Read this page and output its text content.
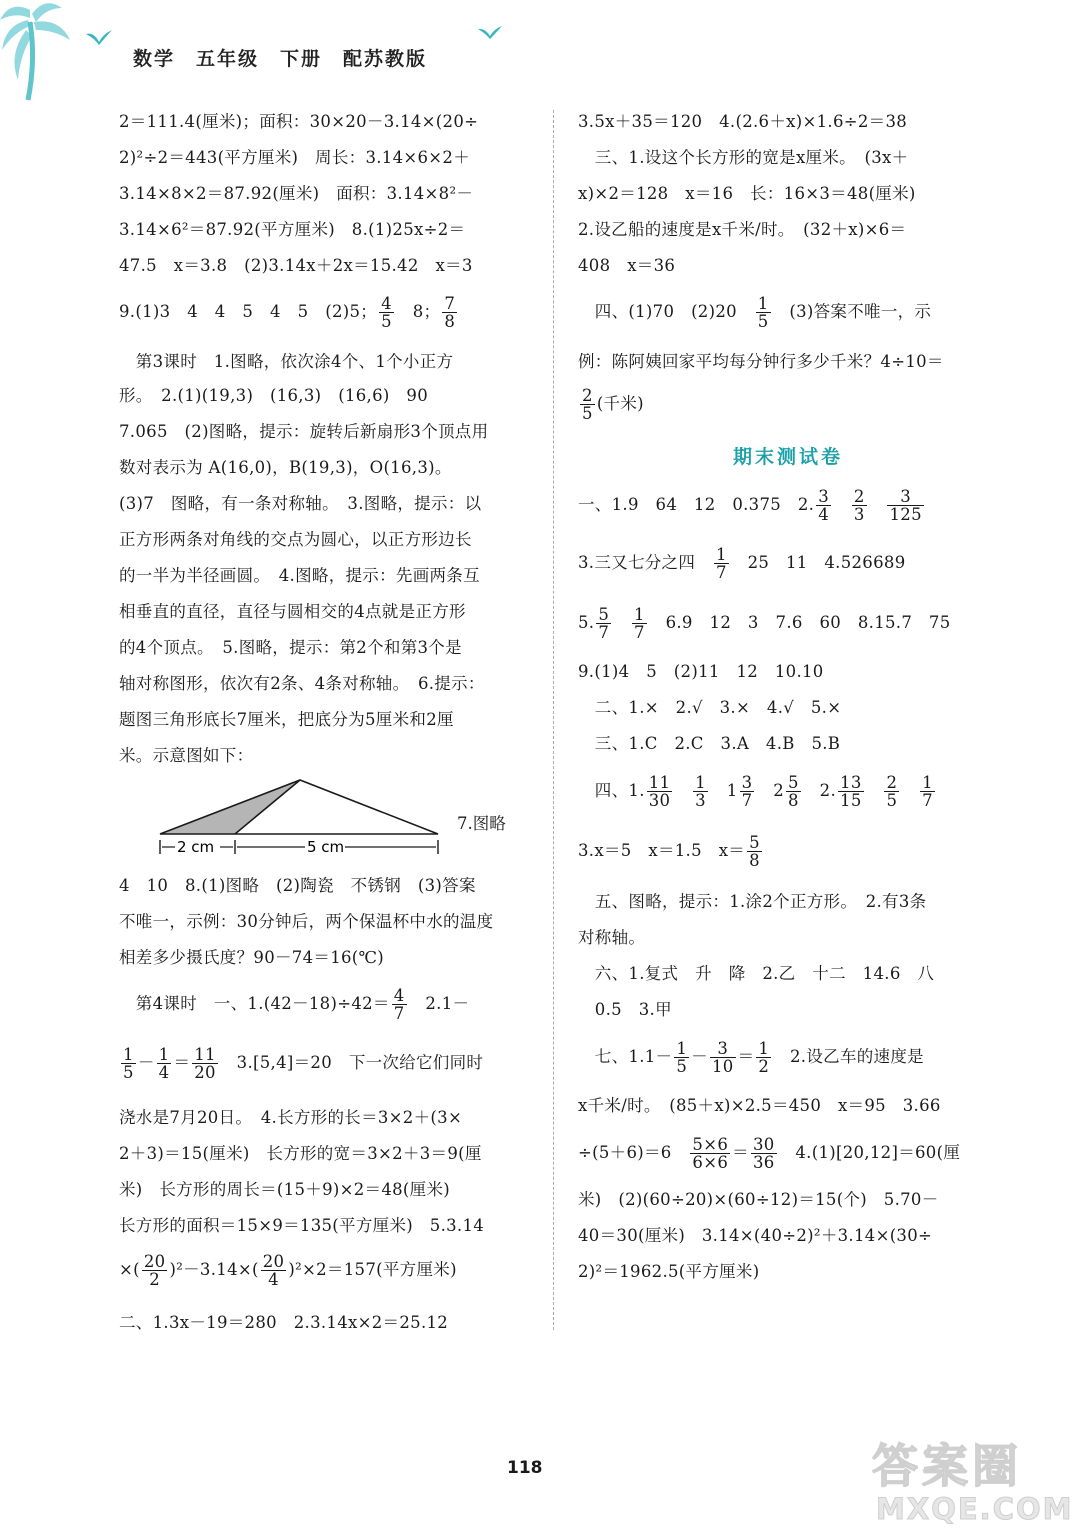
数学　五年级　下册　配苏教版
2＝111.4(厘米)；面积：30×20－3.14×(20÷
2)²÷2＝443(平方厘米)　周长：3.14×6×2＋
3.14×8×2＝87.92(厘米)　面积：3.14×8²－
3.14×6²＝87.92(平方厘米)　8.(1)25x÷2＝
47.5　x＝3.8　(2)3.14x＋2x＝15.42　x＝3
9.(1)3　4　4　5　4　5　(2)5； $\frac{4}{5}$
　 8； $\frac{7}{8}$
　第3课时　1.图略，依次涂4个、1个小正方
形。　2.(1)(19,3)　(16,3)　(16,6)　90
7.065　(2)图略，提示：旋转后新扇形3个顶点用
数对表示为 A(16,0)，B(19,3)，O(16,3)。
(3)7　图略，有一条对称轴。　3.图略，提示：以
正方形两条对角线的交点为圆心，以正方形边长
的一半为半径画圆。　4.图略，提示：先画两条互
相垂直的直径，直径与圆相交的4点就是正方形
的4个顶点。　5.图略，提示：第2个和第3个是
轴对称图形，依次有2条、4条对称轴。　6.提示：
题图三角形底长7厘米，把底分为5厘米和2厘
米。示意图如下：
4　10　8.(1)图略　(2)陶瓷　不锈钢　(3)答案
不唯一，示例：30分钟后，两个保温杯中水的温度
相差多少摄氏度？90－74＝16(℃)
　第4课时　一、$1.(42-18)\div 42= \frac{4}{7}$ 　2.1－
$\frac{1}{5} - \frac{1}{4} = \frac{11}{20}$ 　3.[5,4]＝20　下一次给它们同时
浇水是7月20日。　4.长方形的长＝3×2＋(3×
2＋3)＝15(厘米)　长方形的宽＝3×2＋3＝9(厘
米)　长方形的周长＝(15＋9)×2＝48(厘米)
长方形的面积＝15×9＝135(平方厘米)　5.3.14
×( $\frac{20}{2} )^2-3.14\times( \frac{20}{4} )^2\times 2=157$(平方厘米)
二、1.3x－19＝280　2.3.14x×2＝25.12
2 cm	5 cm
7.图略
3.5x＋35＝120　4.(2.6＋x)×1.6÷2＝38
　三、1.设这个长方形的宽是x厘米。　(3x＋
x)×2＝128　x＝16　长：16×3＝48(厘米)
2.设乙船的速度是x千米/时。　(32＋x)×6＝
408　x＝36
　四、(1)70　(2)20　 $\frac{1}{5}$ 　(3)答案不唯一，示
例：陈阿姨回家平均每分钟行多少千米？4÷10＝
$\frac{2}{5}$ (千米)
期末测试卷
一、1.9　64　12　0.375　2. $\frac{3}{4}$
　 $\frac{2}{3}$
　 $\frac{3}{125}$
3.三又七分之四　 $\frac{1}{7}$ 　25　11　4.526689
5. $\frac{5}{7}$
　 $\frac{1}{7}$ 　6.9　12　3　7.6　60　8.15.7　75
9.(1)4　5　(2)11　12　10.10
　二、1.×　2.√　3.×　4.√　5.×
　三、1.C　2.C　3.A　4.B　5.B
　四、1. $\frac{11}{30}$
　 $\frac{1}{3}$
　 $1 \frac{3}{7}$
　 $2 \frac{5}{8}$ 　2. $\frac{13}{15}$
　 $\frac{2}{5}$
　 $\frac{1}{7}$
3.x＝5　x＝1.5　$x= \frac{5}{8}$
　五、图略，提示：1.涂2个正方形。　2.有3条
对称轴。
　六、1.复式　升　降　2.乙　十二　14.6　八
　0.5　3.甲
　七、$1.1- \frac{1}{5} - \frac{3}{10} = \frac{1}{2}$ 　2.设乙车的速度是
x千米/时。　(85＋x)×2.5＝450　x＝95　3.66
÷(5＋6)＝6　 $\frac{5\times 6}{6\times 6} = \frac{30}{36}$ 　4.(1)[20,12]＝60(厘
米)　(2)(60÷20)×(60÷12)＝15(个)　5.70－
40＝30(厘米)　3.14×(40÷2)²＋3.14×(30÷
2)²＝1962.5(平方厘米)
118	答案圈
MXQE.COM
